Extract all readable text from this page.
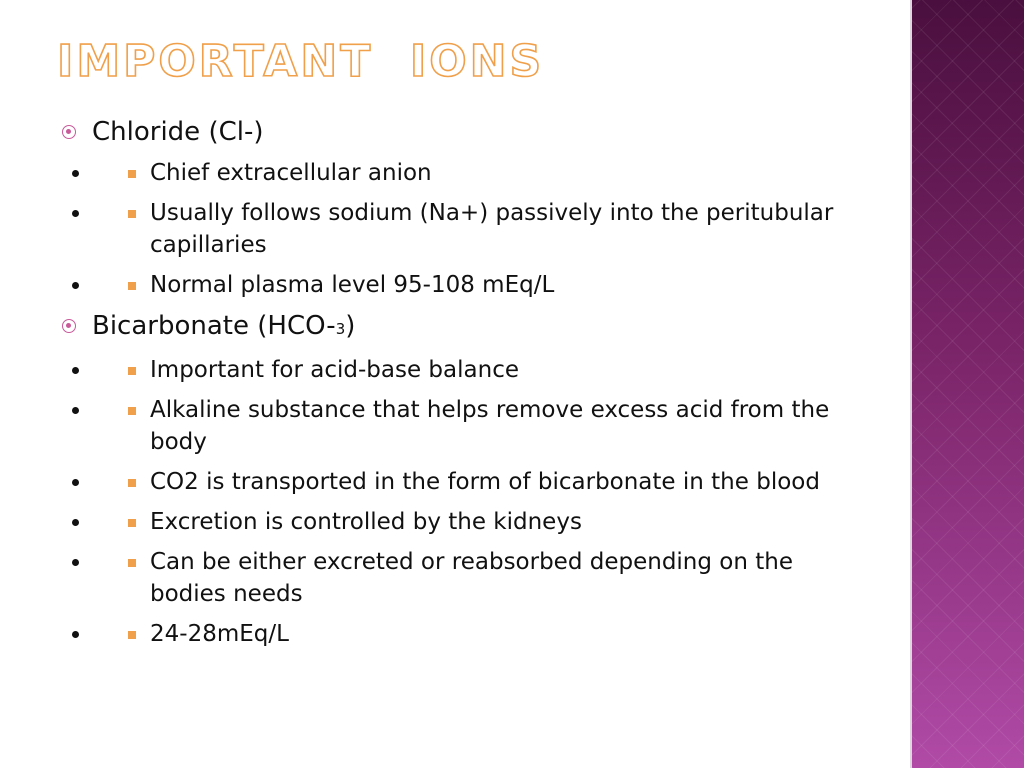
IMPORTANT  IONS
Chloride (Cl-)
• Chief extracellular anion
• Usually follows sodium (Na+) passively into the peritubular capillaries
• Normal plasma level 95-108 mEq/L
Bicarbonate (HCO-3)
• Important for acid-base balance
• Alkaline substance that helps remove excess acid from the body
• CO2 is transported in the form of bicarbonate in the blood
• Excretion is controlled by the kidneys
• Can be either excreted or reabsorbed depending on the bodies needs
• 24-28mEq/L
